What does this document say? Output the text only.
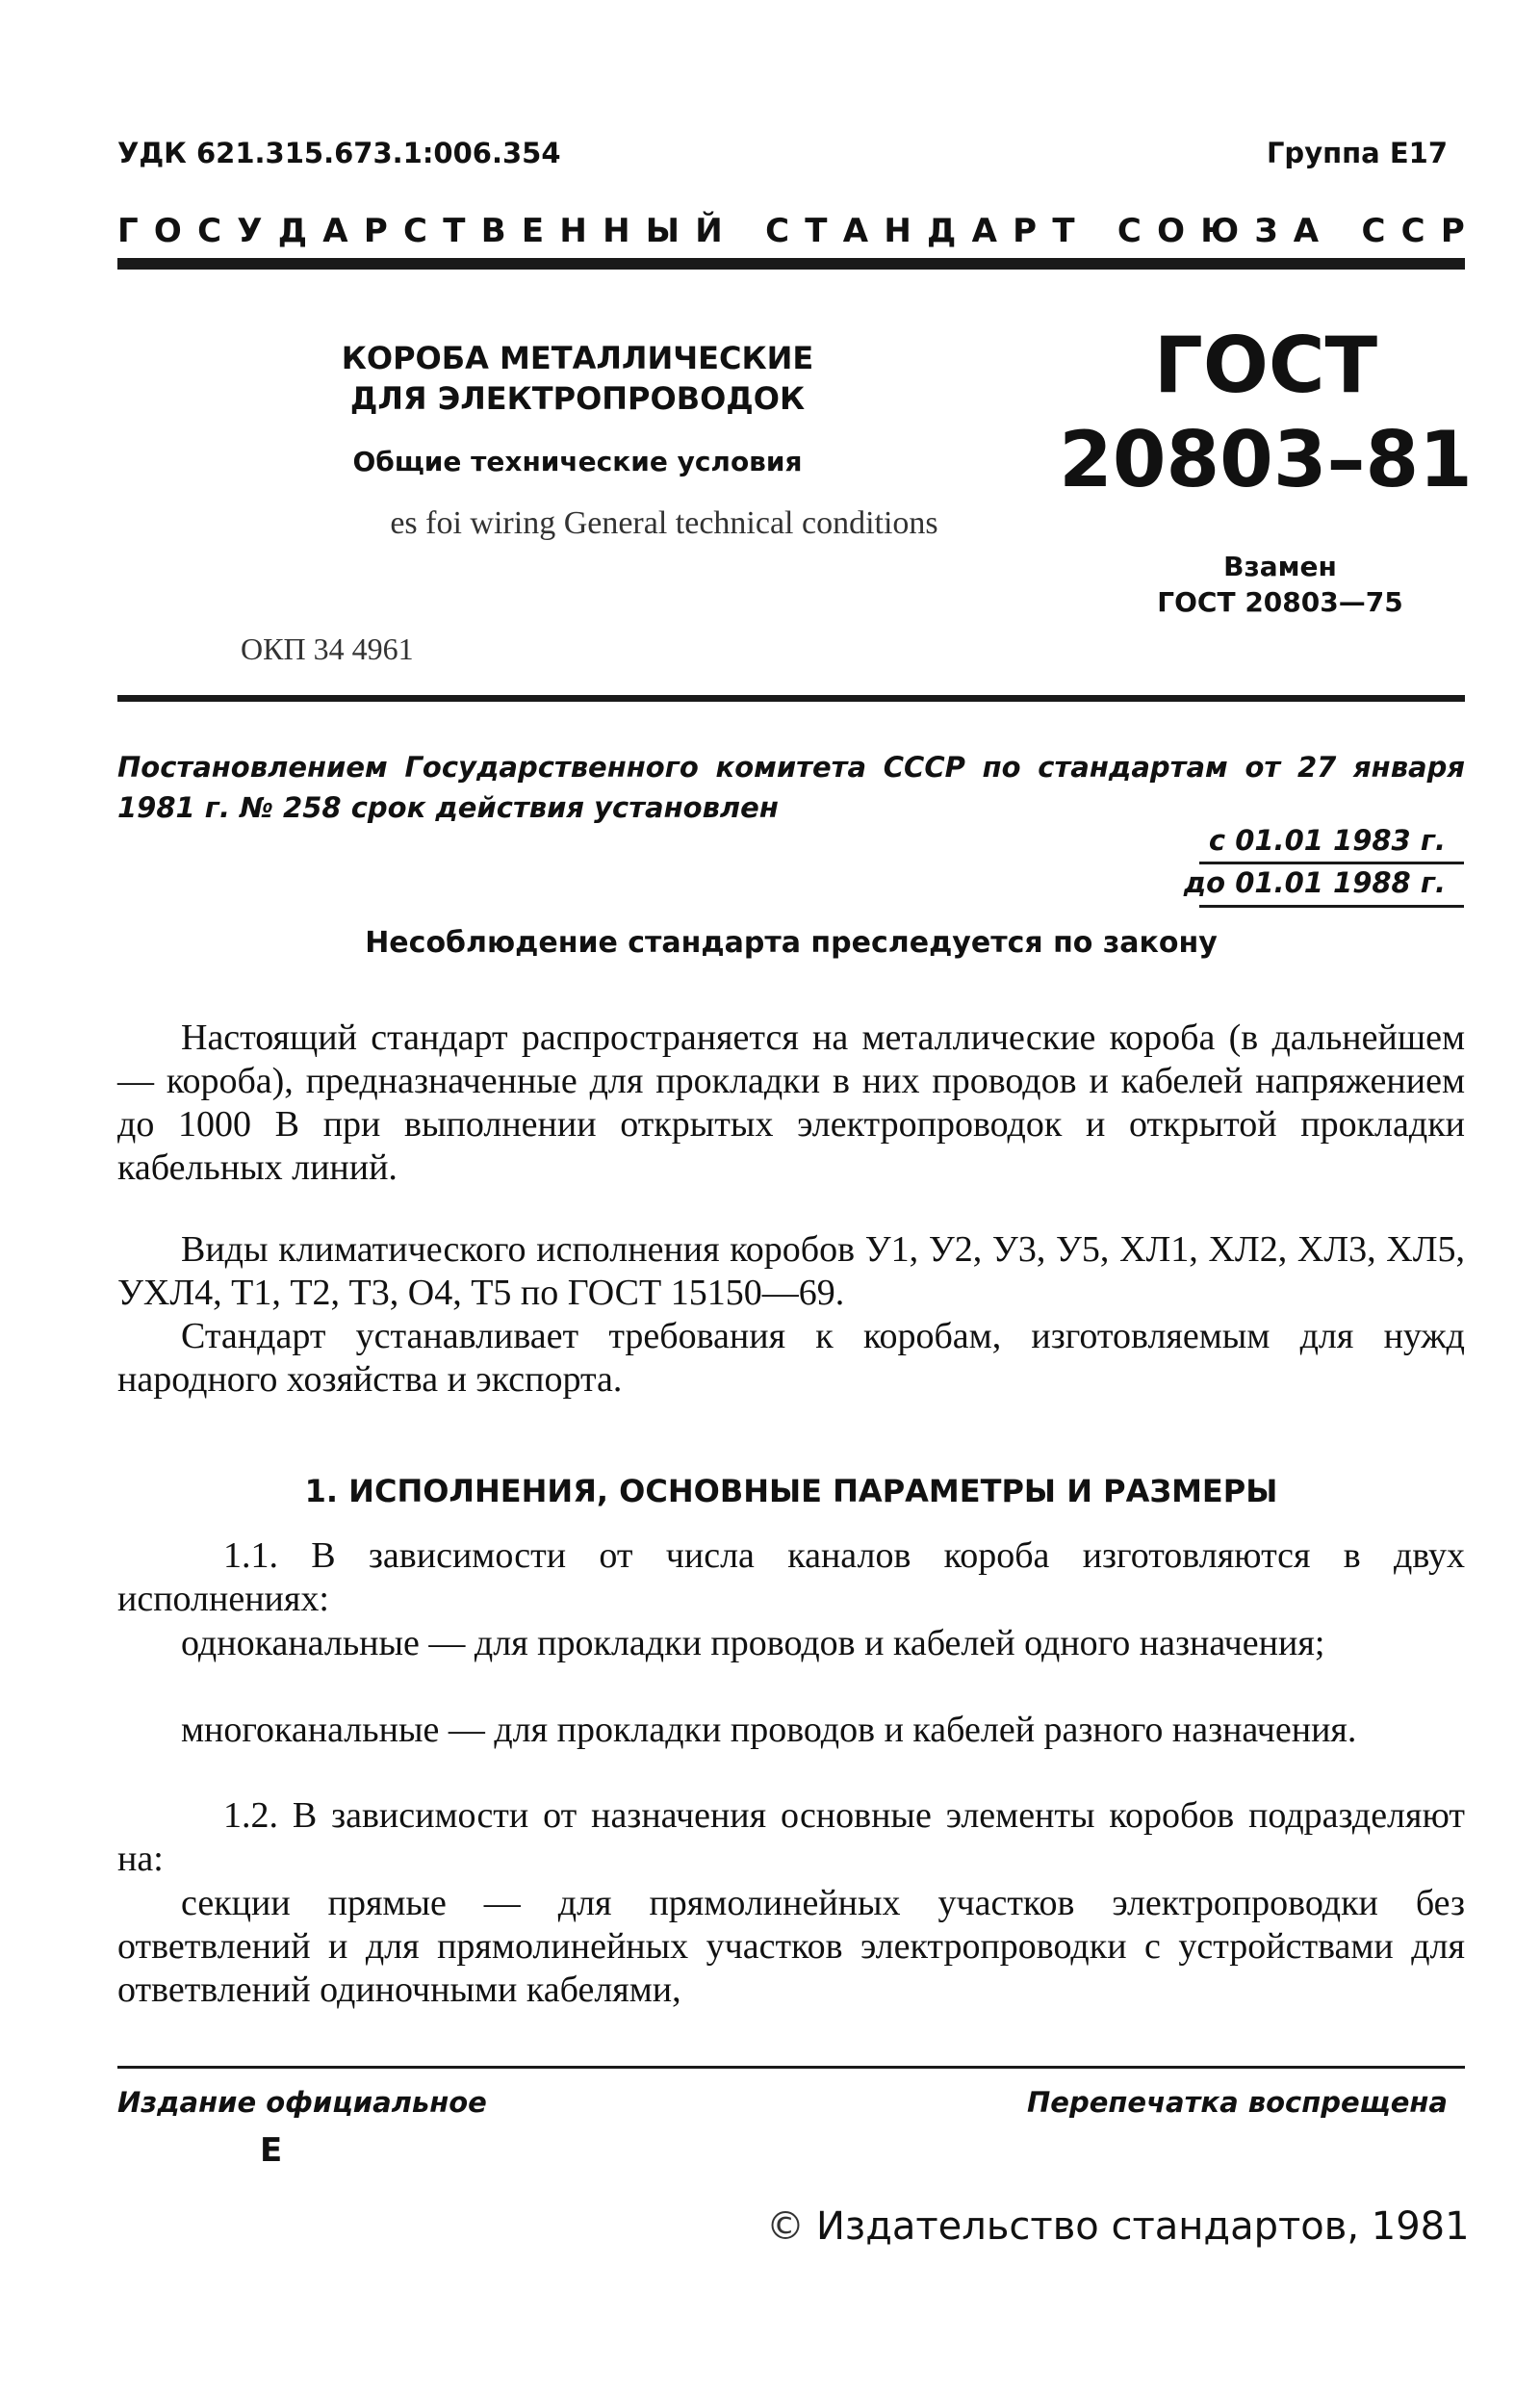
УДК 621.315.673.1:006.354	Группа Е17
Г О С У Д А Р С Т В Е Н Н Ы Й
С Т А Н Д А Р Т
С О Ю З А
С С Р
КОРОБА МЕТАЛЛИЧЕСКИЕ
ДЛЯ ЭЛЕКТРОПРОВОДОК
Общие технические условия
es foi wiring General technical conditions
ГОСТ
20803–81
Взамен
ГОСТ 20803—75
ОКП 34 4961
Постановлением Государственного комитета СССР по стандартам от 27 января 1981 г. № 258 срок действия установлен
с 01.01 1983 г.
до 01.01 1988 г.
Несоблюдение стандарта преследуется по закону
Настоящий стандарт распространяется на металлические короба (в дальнейшем — короба), предназначенные для прокладки в них проводов и кабелей напряжением до 1000 В при выполнении открытых электропроводок и открытой прокладки кабельных линий.
Виды климатического исполнения коробов У1, У2, У3, У5, ХЛ1, ХЛ2, ХЛ3, ХЛ5, УХЛ4, Т1, Т2, Т3, О4, Т5 по ГОСТ 15150—69.
Стандарт устанавливает требования к коробам, изготовляемым для нужд народного хозяйства и экспорта.
1. ИСПОЛНЕНИЯ, ОСНОВНЫЕ ПАРАМЕТРЫ И РАЗМЕРЫ
1.1. В зависимости от числа каналов короба изготовляются в двух исполнениях:
одноканальные — для прокладки проводов и кабелей одного назначения;
многоканальные — для прокладки проводов и кабелей разного назначения.
1.2. В зависимости от назначения основные элементы коробов подразделяют на:
секции прямые — для прямолинейных участков электропроводки без ответвлений и для прямолинейных участков электропроводки с устройствами для ответвлений одиночными кабелями,
Издание официальное
Е
Перепечатка воспрещена
© Издательство стандартов, 1981
